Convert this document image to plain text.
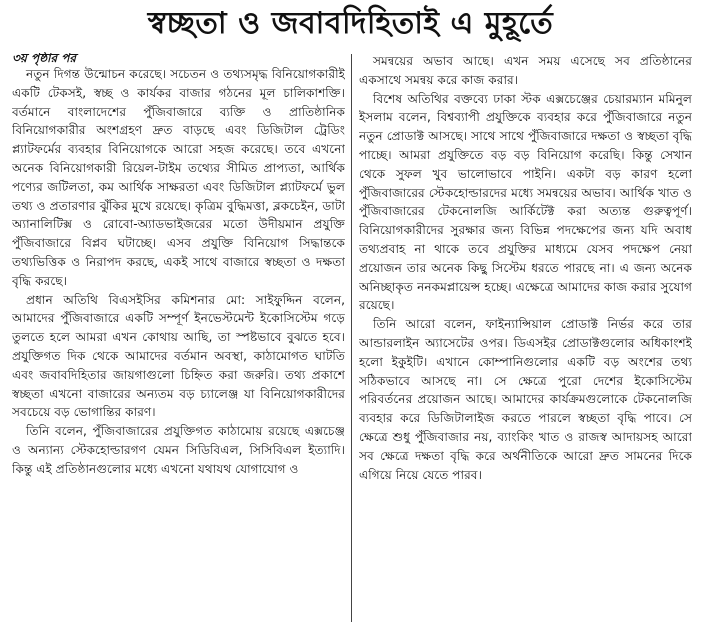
স্বচ্ছতা ও জবাবদিহিতাই এ মুহূর্তে
৩য় পৃষ্ঠার পর

নতুন দিগন্ত উন্মোচন করেছে। সচেতন ও তথ্যসমৃদ্ধ বিনিয়োগকারীই একটি টেকসই, স্বচ্ছ ও কার্যকর বাজার গঠনের মূল চালিকাশক্তি। বর্তমানে বাংলাদেশের পুঁজিবাজারে ব্যক্তি ও প্রাতিষ্ঠানিক বিনিয়োগকারীর অংশগ্রহণ দ্রুত বাড়ছে এবং ডিজিটাল ট্রেডিং প্ল্যাটফর্মের ব্যবহার বিনিয়োগকে আরো সহজ করেছে। তবে এখনো অনেক বিনিয়োগকারী রিয়েল-টাইম তথ্যের সীমিত প্রাপ্যতা, আর্থিক পণ্যের জটিলতা, কম আর্থিক সাক্ষরতা এবং ডিজিটাল প্ল্যাটফর্মে ভুল তথ্য ও প্রতারণার ঝুঁকির মুখে রয়েছে। কৃত্রিম বুদ্ধিমত্তা, ব্লকচেইন, ডাটা অ্যানালিটিক্স ও রোবো-অ্যাডভাইজরের মতো উদীয়মান প্রযুক্তি পুঁজিবাজারে বিপ্লব ঘটাচ্ছে। এসব প্রযুক্তি বিনিয়োগ সিদ্ধান্তকে তথ্যভিত্তিক ও নিরাপদ করছে, একই সাথে বাজারে স্বচ্ছতা ও দক্ষতা বৃদ্ধি করছে।

প্রধান অতিথি বিএসইসির কমিশনার মো: সাইফুদ্দিন বলেন, আমাদের পুঁজিবাজারে একটি সম্পূর্ণ ইনভেস্টমেন্ট ইকোসিস্টেম গড়ে তুলতে হলে আমরা এখন কোথায় আছি, তা স্পষ্টভাবে বুঝতে হবে। প্রযুক্তিগত দিক থেকে আমাদের বর্তমান অবস্থা, কাঠামোগত ঘাটতি এবং জবাবদিহিতার জায়গাগুলো চিহ্নিত করা জরুরি। তথ্য প্রকাশে স্বচ্ছতা এখনো বাজারের অন্যতম বড় চ্যালেঞ্জ যা বিনিয়োগকারীদের সবচেয়ে বড় ভোগান্তির কারণ।

তিনি বলেন, পুঁজিবাজারের প্রযুক্তিগত কাঠামোয় রয়েছে এক্সচেঞ্জ ও অন্যান্য স্টেকহোল্ডারগণ যেমন সিডিবিএল, সিসিবিএল ইত্যাদি। কিন্তু এই প্রতিষ্ঠানগুলোর মধ্যে এখনো যথাযথ যোগাযোগ ও

সমন্বয়ের অভাব আছে। এখন সময় এসেছে সব প্রতিষ্ঠানের একসাথে সমন্বয় করে কাজ করার।

বিশেষ অতিথির বক্তব্যে ঢাকা স্টক এক্সচেঞ্জের চেয়ারম্যান মমিনুল ইসলাম বলেন, বিশ্বব্যাপী প্রযুক্তিকে ব্যবহার করে পুঁজিবাজারে নতুন নতুন প্রোডাক্ট আসছে। সাথে সাথে পুঁজিবাজারে দক্ষতা ও স্বচ্ছতা বৃদ্ধি পাচ্ছে। আমরা প্রযুক্তিতে বড় বড় বিনিয়োগ করেছি। কিন্তু সেখান থেকে সুফল খুব ভালোভাবে পাইনি। একটা বড় কারণ হলো পুঁজিবাজারের স্টেকহোল্ডারদের মধ্যে সমন্বয়ের অভাব। আর্থিক খাত ও পুঁজিবাজারের টেকনোলজি আর্কিটেক্ট করা অত্যন্ত গুরুত্বপূর্ণ। বিনিয়োগকারীদের সুরক্ষার জন্য বিভিন্ন পদক্ষেপের জন্য যদি অবাধ তথ্যপ্রবাহ না থাকে তবে প্রযুক্তির মাধ্যমে যেসব পদক্ষেপ নেয়া প্রয়োজন তার অনেক কিছু সিস্টেম ধরতে পারছে না। এ জন্য অনেক অনিচ্ছাকৃত ননকমপ্লায়েন্স হচ্ছে। এক্ষেত্রে আমাদের কাজ করার সুযোগ রয়েছে।

তিনি আরো বলেন, ফাইন্যান্সিয়াল প্রোডাক্ট নির্ভর করে তার আন্ডারলাইন অ্যাসেটের ওপর। ডিএসইর প্রোডাক্টগুলোর অধিকাংশই হলো ইকুইটি। এখানে কোম্পানিগুলোর একটি বড় অংশের তথ্য সঠিকভাবে আসছে না। সে ক্ষেত্রে পুরো দেশের ইকোসিস্টেম পরিবর্তনের প্রয়োজন আছে। আমাদের কার্যক্রমগুলোকে টেকনোলজি ব্যবহার করে ডিজিটালাইজ করতে পারলে স্বচ্ছতা বৃদ্ধি পাবে। সে ক্ষেত্রে শুধু পুঁজিবাজার নয়, ব্যাংকিং খাত ও রাজস্ব আদায়সহ আরো সব ক্ষেত্রে দক্ষতা বৃদ্ধি করে অর্থনীতিকে আরো দ্রুত সামনের দিকে এগিয়ে নিয়ে যেতে পারব।
